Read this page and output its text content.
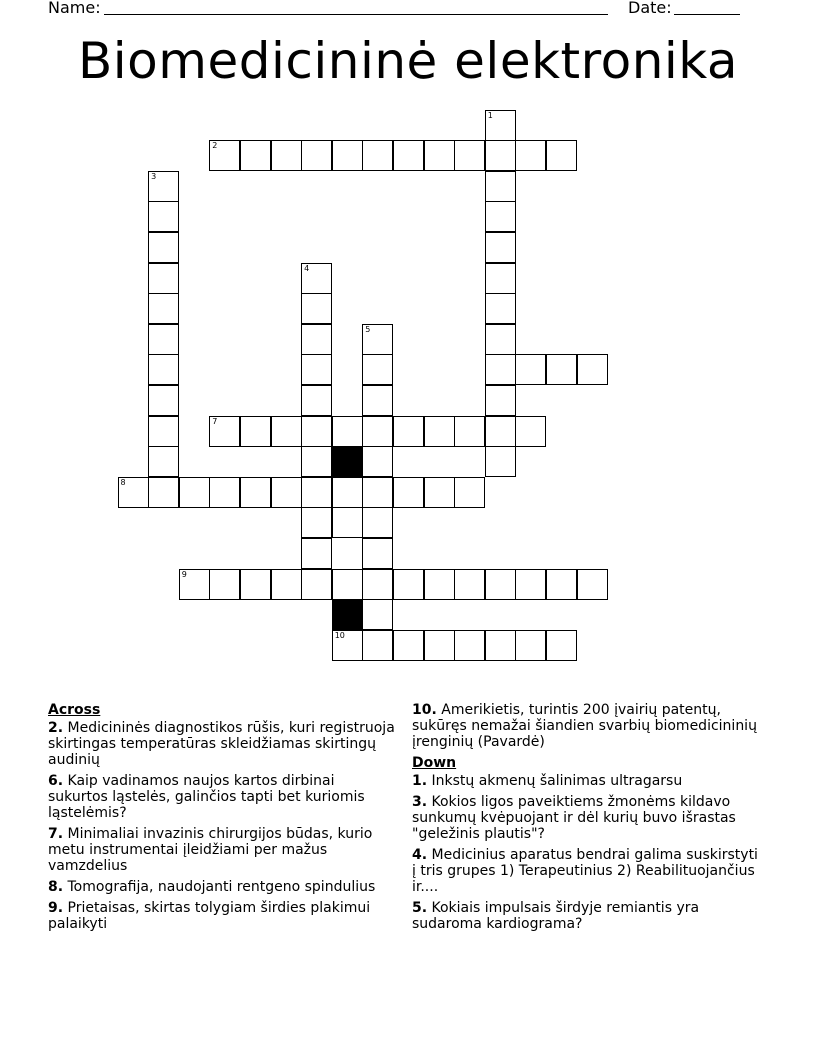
Name:	Date:
Biomedicininė elektronika
1
2
3
4
5
7
8
9
10
Across
2. Medicininės diagnostikos rūšis, kuri registruoja skirtingas temperatūras skleidžiamas skirtingų audinių
6. Kaip vadinamos naujos kartos dirbinai sukurtos ląstelės, galinčios tapti bet kuriomis ląstelėmis?
7. Minimaliai invazinis chirurgijos būdas, kurio metu instrumentai įleidžiami per mažus vamzdelius
8. Tomografija, naudojanti rentgeno spindulius
9. Prietaisas, skirtas tolygiam širdies plakimui palaikyti
10. Amerikietis, turintis 200 įvairių patentų, sukūręs nemažai šiandien svarbių biomedicininių įrenginių (Pavardė)
Down
1. Inkstų akmenų šalinimas ultragarsu
3. Kokios ligos paveiktiems žmonėms kildavo sunkumų kvėpuojant ir dėl kurių buvo išrastas "geležinis plautis"?
4. Medicinius aparatus bendrai galima suskirstyti į tris grupes 1) Terapeutinius 2) Reabilituojančius ir....
5. Kokiais impulsais širdyje remiantis yra sudaroma kardiograma?
